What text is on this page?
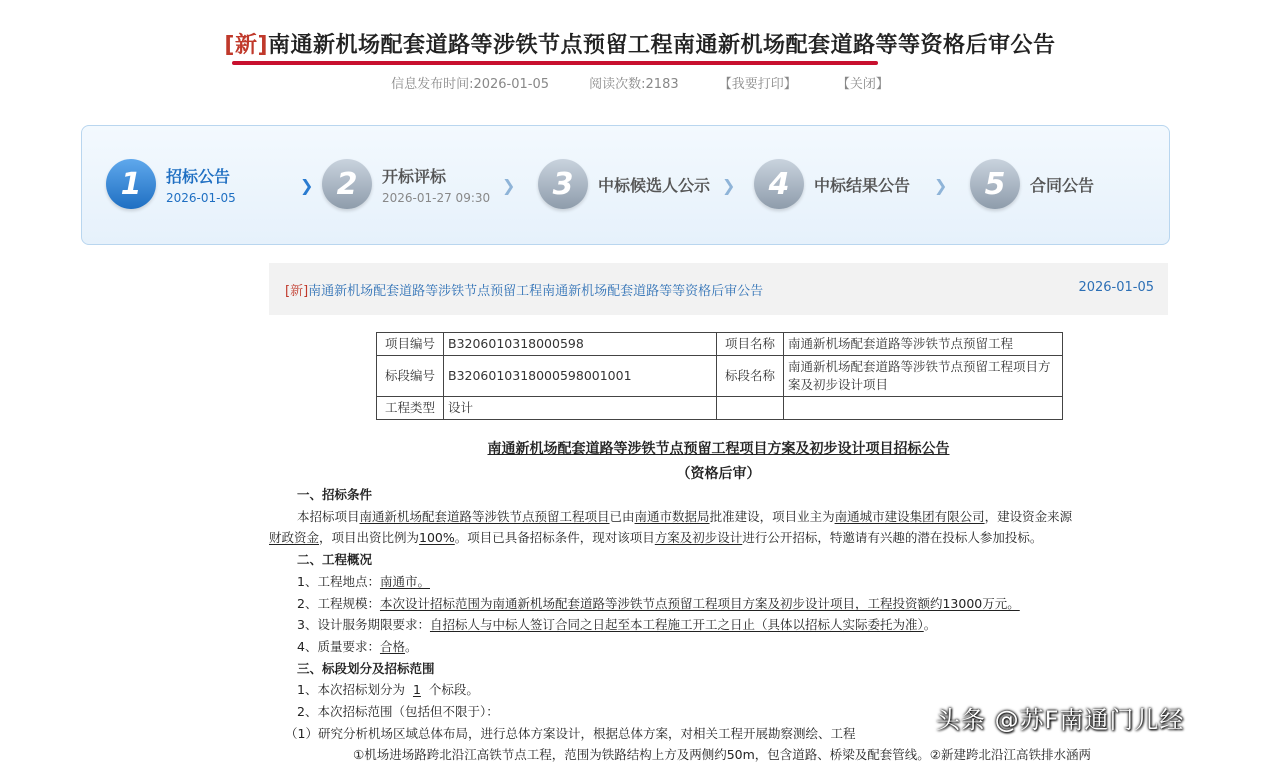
[新]南通新机场配套道路等涉铁节点预留工程南通新机场配套道路等等资格后审公告
信息发布时间:2026-01-05	阅读次数:2183	【我要打印】	【关闭】
1	招标公告
2026-01-05
❯ 2	开标评标
2026-01-27 09:30
❯	3	中标候选人公示 ❯	4	中标结果公告 ❯	5	合同公告
[新]南通新机场配套道路等涉铁节点预留工程南通新机场配套道路等等资格后审公告	2026-01-05
项目编号	B3206010318000598	项目名称	南通新机场配套道路等涉铁节点预留工程
标段编号	B3206010318000598001001	标段名称	南通新机场配套道路等涉铁节点预留工程项目方案及初步设计项目
工程类型	设计		
南通新机场配套道路等涉铁节点预留工程项目方案及初步设计项目招标公告
（资格后审）

一、招标条件

本招标项目南通新机场配套道路等涉铁节点预留工程项目已由南通市数据局批准建设，项目业主为南通城市建设集团有限公司，建设资金来源

财政资金，项目出资比例为100%。项目已具备招标条件，现对该项目方案及初步设计进行公开招标，特邀请有兴趣的潜在投标人参加投标。

二、工程概况

1、工程地点：南通市。

2、工程规模：本次设计招标范围为南通新机场配套道路等涉铁节点预留工程项目方案及初步设计项目，工程投资额约13000万元。

3、设计服务期限要求：自招标人与中标人签订合同之日起至本工程施工开工之日止（具体以招标人实际委托为准）。

4、质量要求：合格。

三、标段划分及招标范围

1、本次招标划分为 1 个标段。

2、本次招标范围（包括但不限于）：

（1）研究分析机场区域总体布局，进行总体方案设计，根据总体方案，对相关工程开展勘察测绘、工程

①机场进场路跨北沿江高铁节点工程，范围为铁路结构上方及两侧约50m，包含道路、桥梁及配套管线。②新建跨北沿江高铁排水涵两

头条 @苏F南通门儿经
